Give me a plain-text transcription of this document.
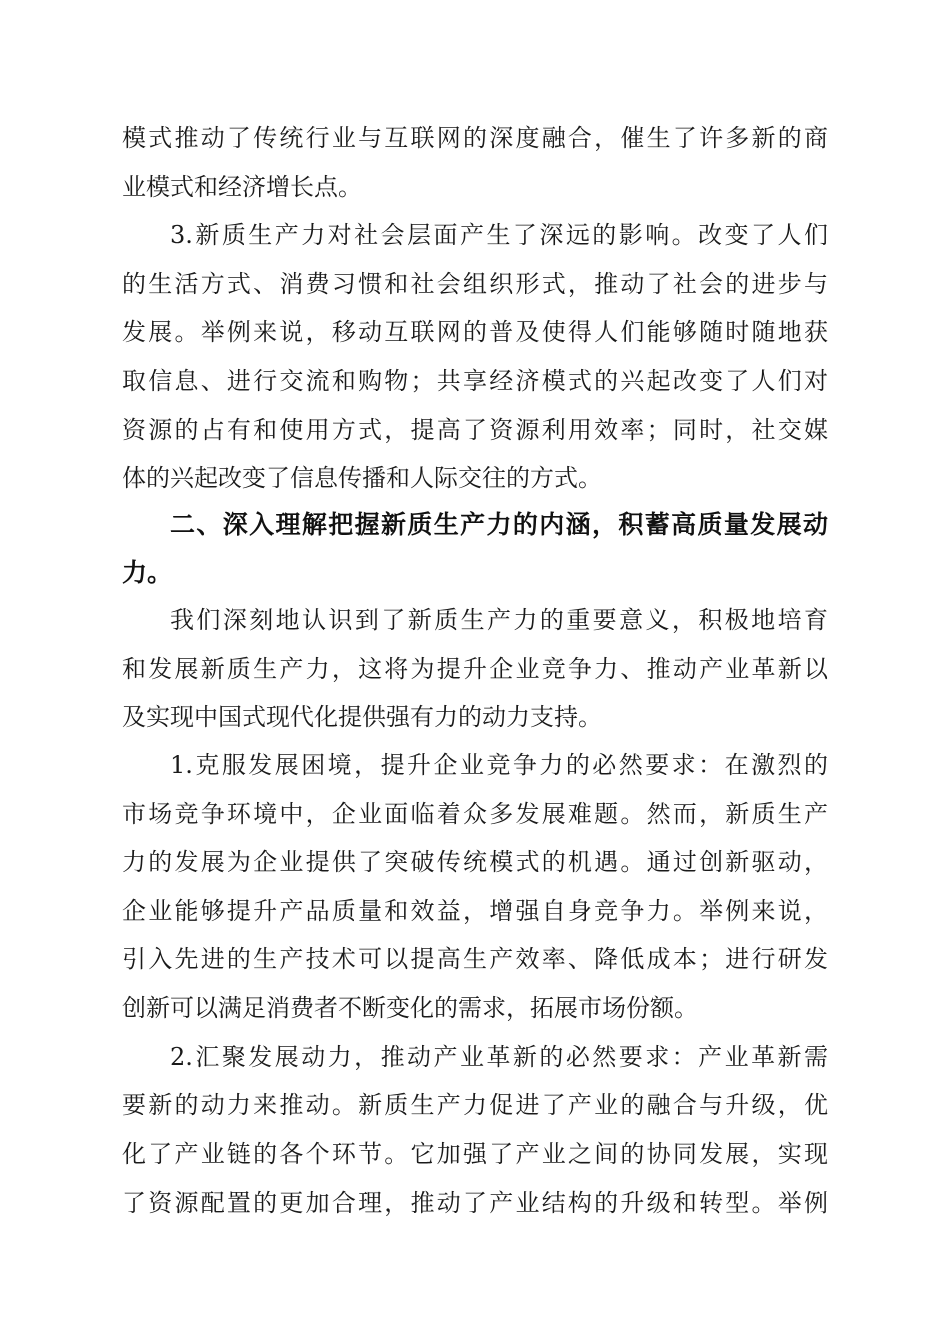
模式推动了传统行业与互联网的深度融合，催生了许多新的商
业模式和经济增长点。
3.新质生产力对社会层面产生了深远的影响。改变了人们
的生活方式、消费习惯和社会组织形式，推动了社会的进步与
发展。举例来说，移动互联网的普及使得人们能够随时随地获
取信息、进行交流和购物；共享经济模式的兴起改变了人们对
资源的占有和使用方式，提高了资源利用效率；同时，社交媒
体的兴起改变了信息传播和人际交往的方式。
二、深入理解把握新质生产力的内涵，积蓄高质量发展动
力。
我们深刻地认识到了新质生产力的重要意义，积极地培育
和发展新质生产力，这将为提升企业竞争力、推动产业革新以
及实现中国式现代化提供强有力的动力支持。
1.克服发展困境，提升企业竞争力的必然要求：在激烈的
市场竞争环境中，企业面临着众多发展难题。然而，新质生产
力的发展为企业提供了突破传统模式的机遇。通过创新驱动，
企业能够提升产品质量和效益，增强自身竞争力。举例来说，
引入先进的生产技术可以提高生产效率、降低成本；进行研发
创新可以满足消费者不断变化的需求，拓展市场份额。
2.汇聚发展动力，推动产业革新的必然要求：产业革新需
要新的动力来推动。新质生产力促进了产业的融合与升级，优
化了产业链的各个环节。它加强了产业之间的协同发展，实现
了资源配置的更加合理，推动了产业结构的升级和转型。举例
